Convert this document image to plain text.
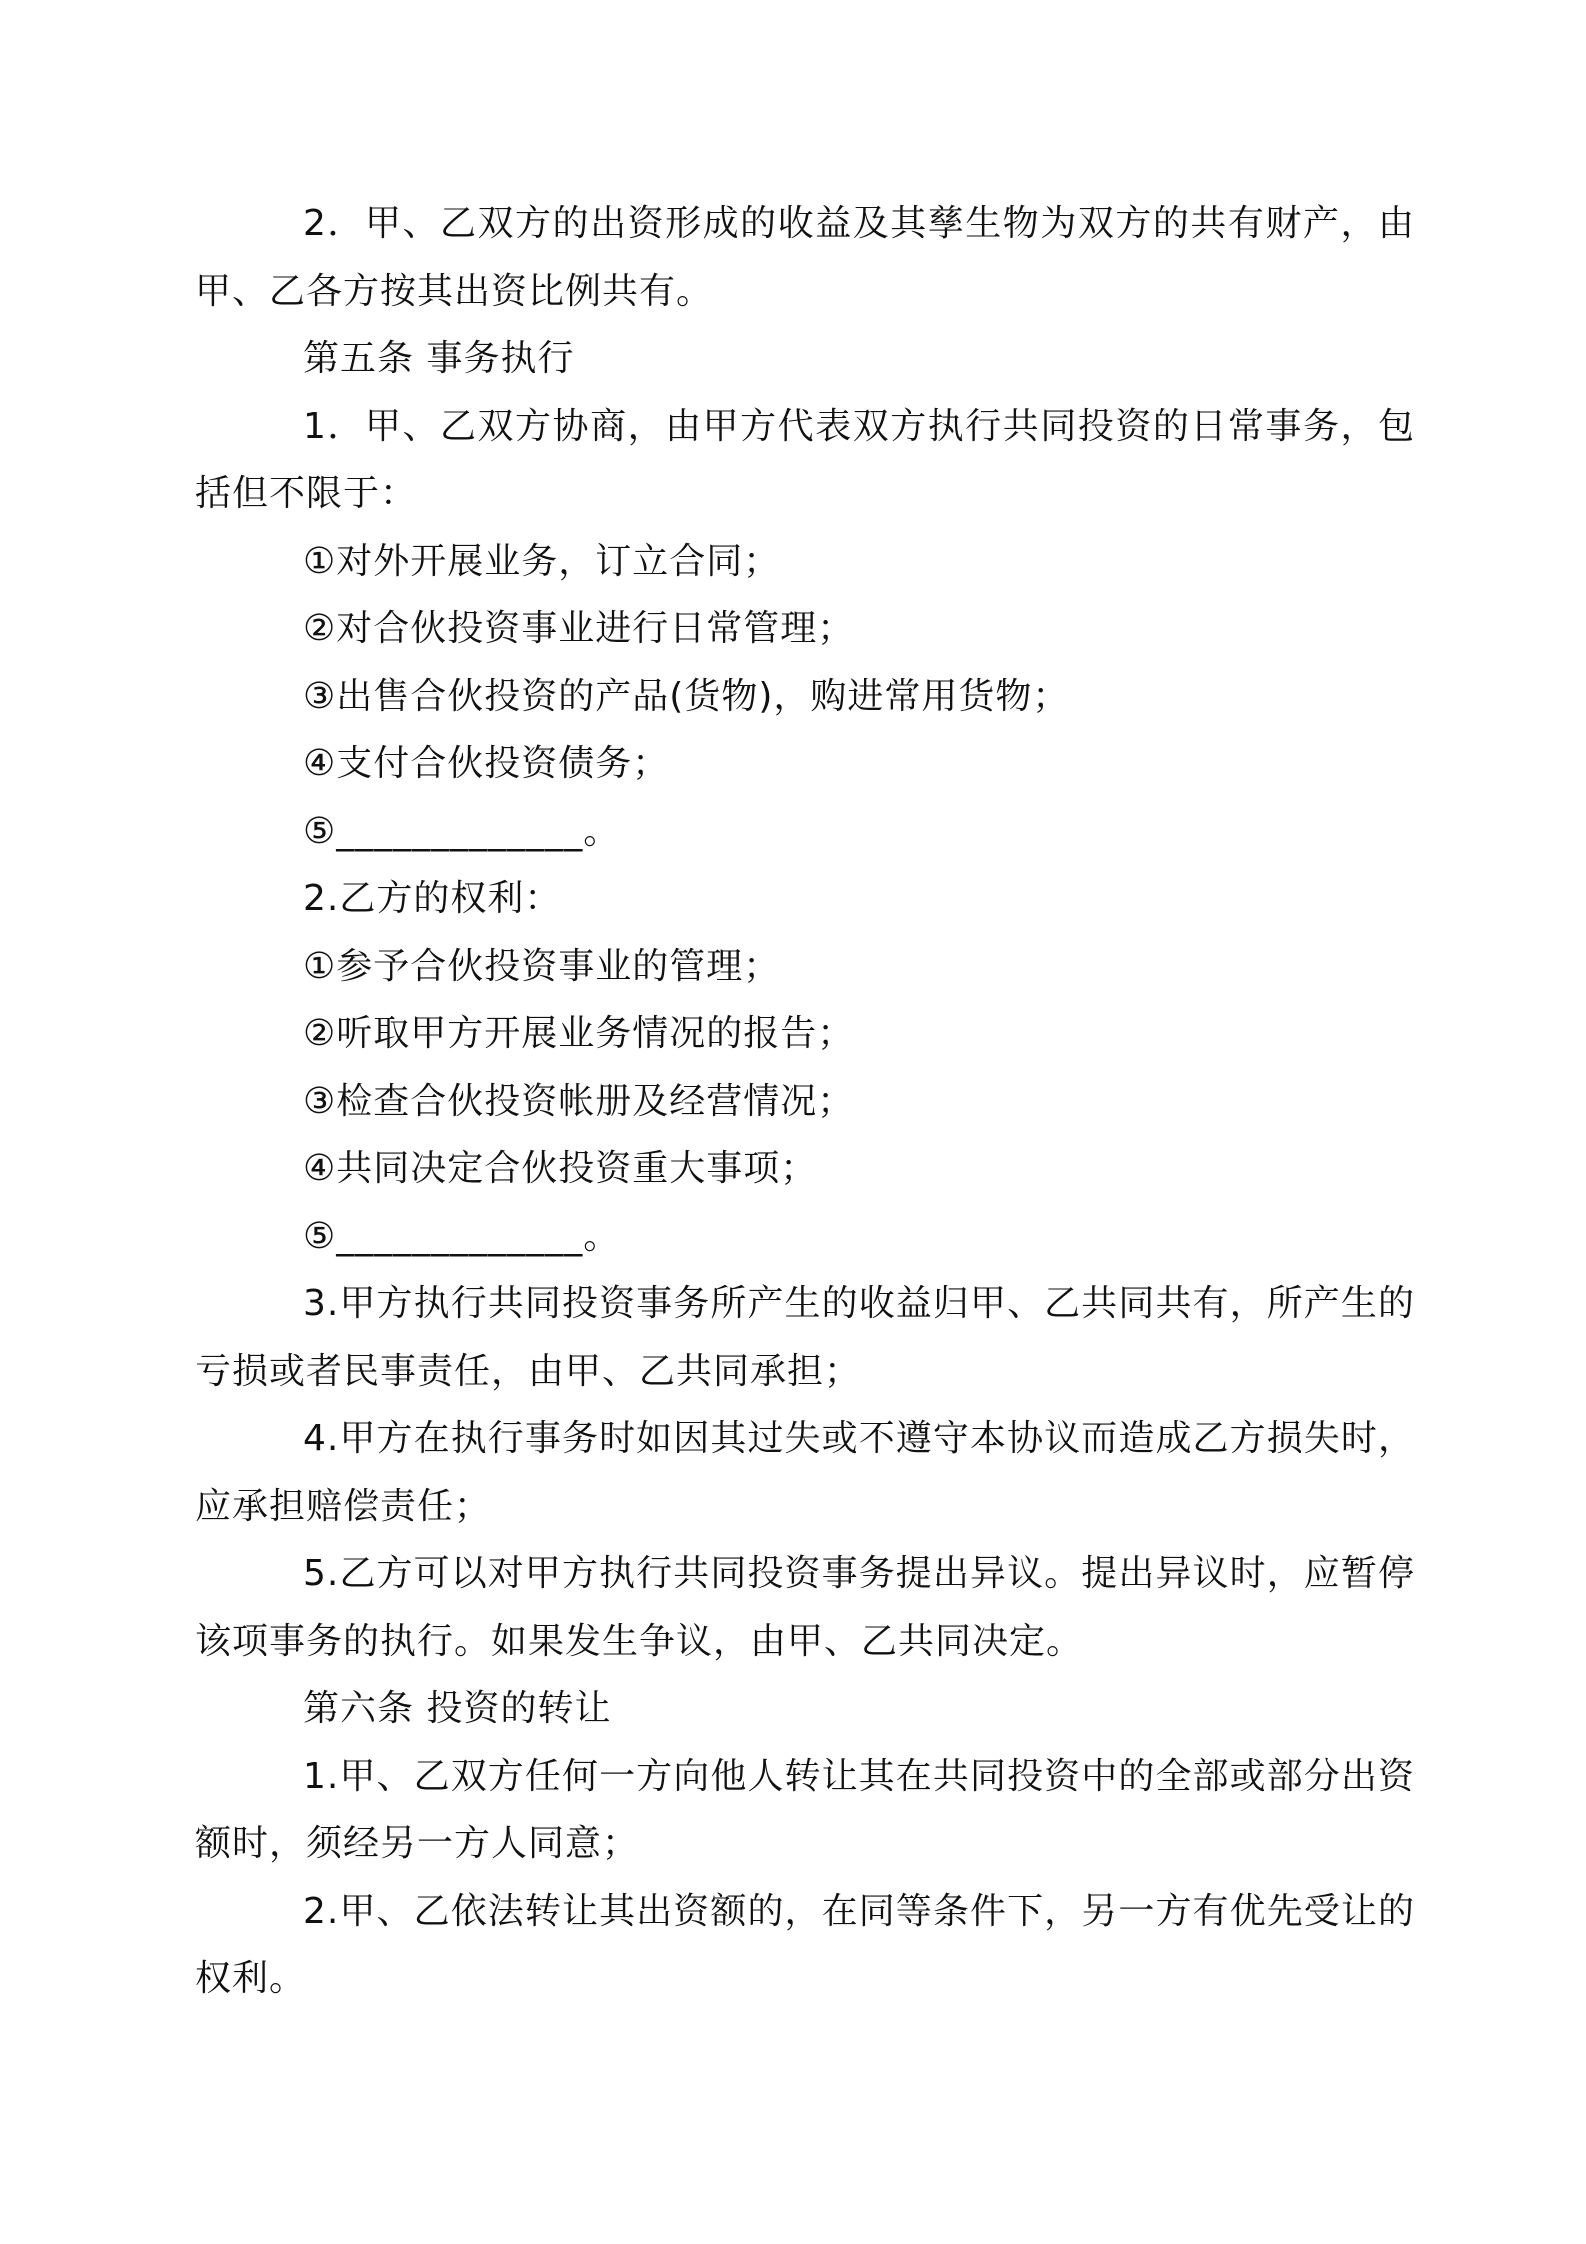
2．甲、乙双方的出资形成的收益及其孳生物为双方的共有财产，由甲、乙各方按其出资比例共有。

第五条 事务执行

1．甲、乙双方协商，由甲方代表双方执行共同投资的日常事务，包括但不限于：

①对外开展业务，订立合同；

②对合伙投资事业进行日常管理；

③出售合伙投资的产品(货物)，购进常用货物；

④支付合伙投资债务；

⑤_____________。

2.乙方的权利：

①参予合伙投资事业的管理；

②听取甲方开展业务情况的报告；

③检查合伙投资帐册及经营情况；

④共同决定合伙投资重大事项；

⑤_____________。

3.甲方执行共同投资事务所产生的收益归甲、乙共同共有，所产生的亏损或者民事责任，由甲、乙共同承担；

4.甲方在执行事务时如因其过失或不遵守本协议而造成乙方损失时，应承担赔偿责任；

5.乙方可以对甲方执行共同投资事务提出异议。提出异议时，应暂停该项事务的执行。如果发生争议，由甲、乙共同决定。

第六条 投资的转让

1.甲、乙双方任何一方向他人转让其在共同投资中的全部或部分出资额时，须经另一方人同意；

2.甲、乙依法转让其出资额的，在同等条件下，另一方有优先受让的权利。
